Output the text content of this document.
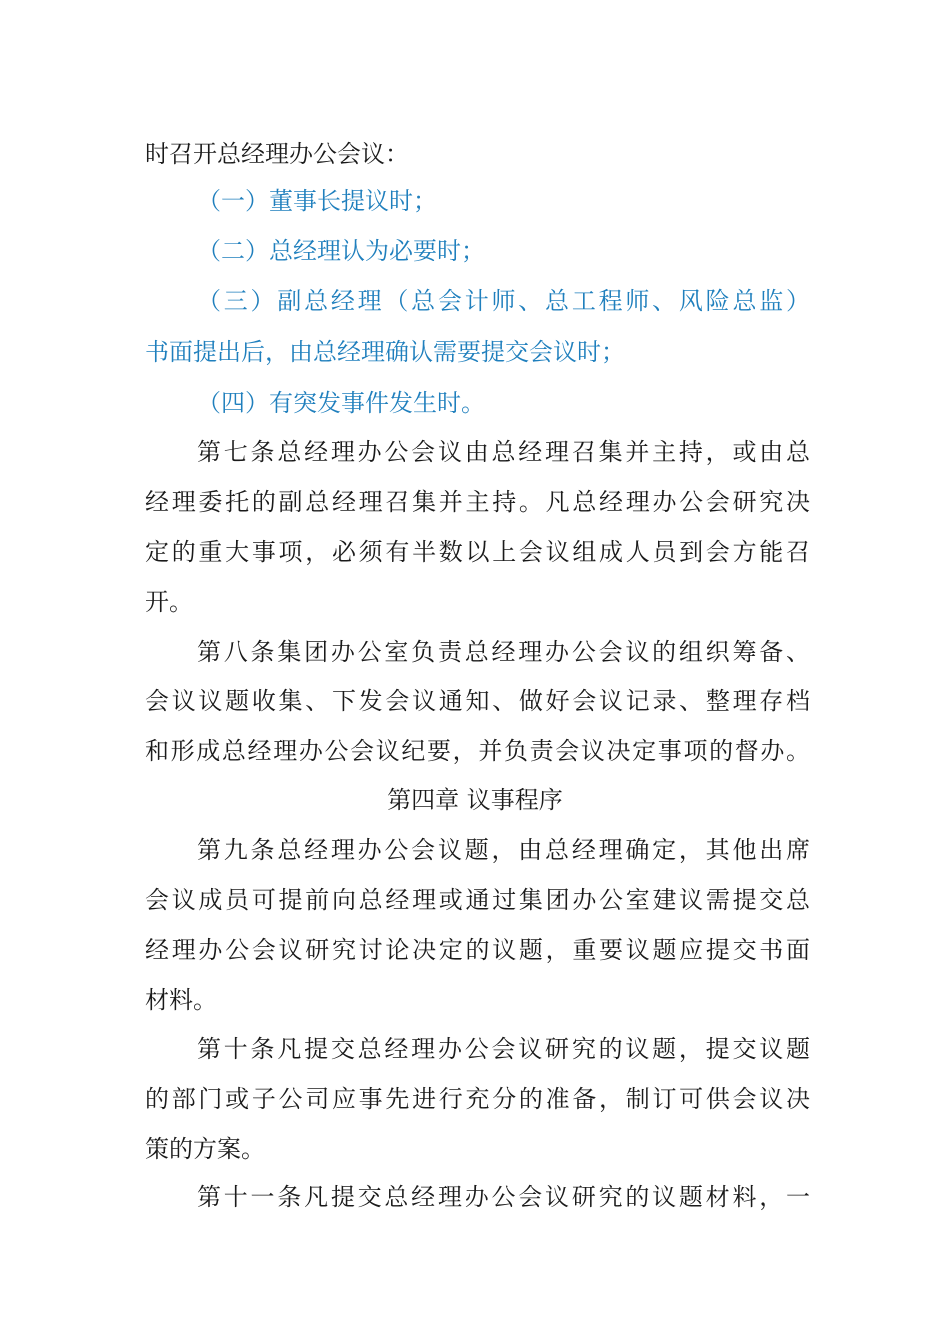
时召开总经理办公会议：
（一）董事长提议时；
（二）总经理认为必要时；
（三）副总经理（总会计师、总工程师、风险总监）
书面提出后，由总经理确认需要提交会议时；
（四）有突发事件发生时。
第七条总经理办公会议由总经理召集并主持，或由总
经理委托的副总经理召集并主持。凡总经理办公会研究决
定的重大事项，必须有半数以上会议组成人员到会方能召
开。
第八条集团办公室负责总经理办公会议的组织筹备、
会议议题收集、下发会议通知、做好会议记录、整理存档
和形成总经理办公会议纪要，并负责会议决定事项的督办。
第四章 议事程序
第九条总经理办公会议题，由总经理确定，其他出席
会议成员可提前向总经理或通过集团办公室建议需提交总
经理办公会议研究讨论决定的议题，重要议题应提交书面
材料。
第十条凡提交总经理办公会议研究的议题，提交议题
的部门或子公司应事先进行充分的准备，制订可供会议决
策的方案。
第十一条凡提交总经理办公会议研究的议题材料，一
